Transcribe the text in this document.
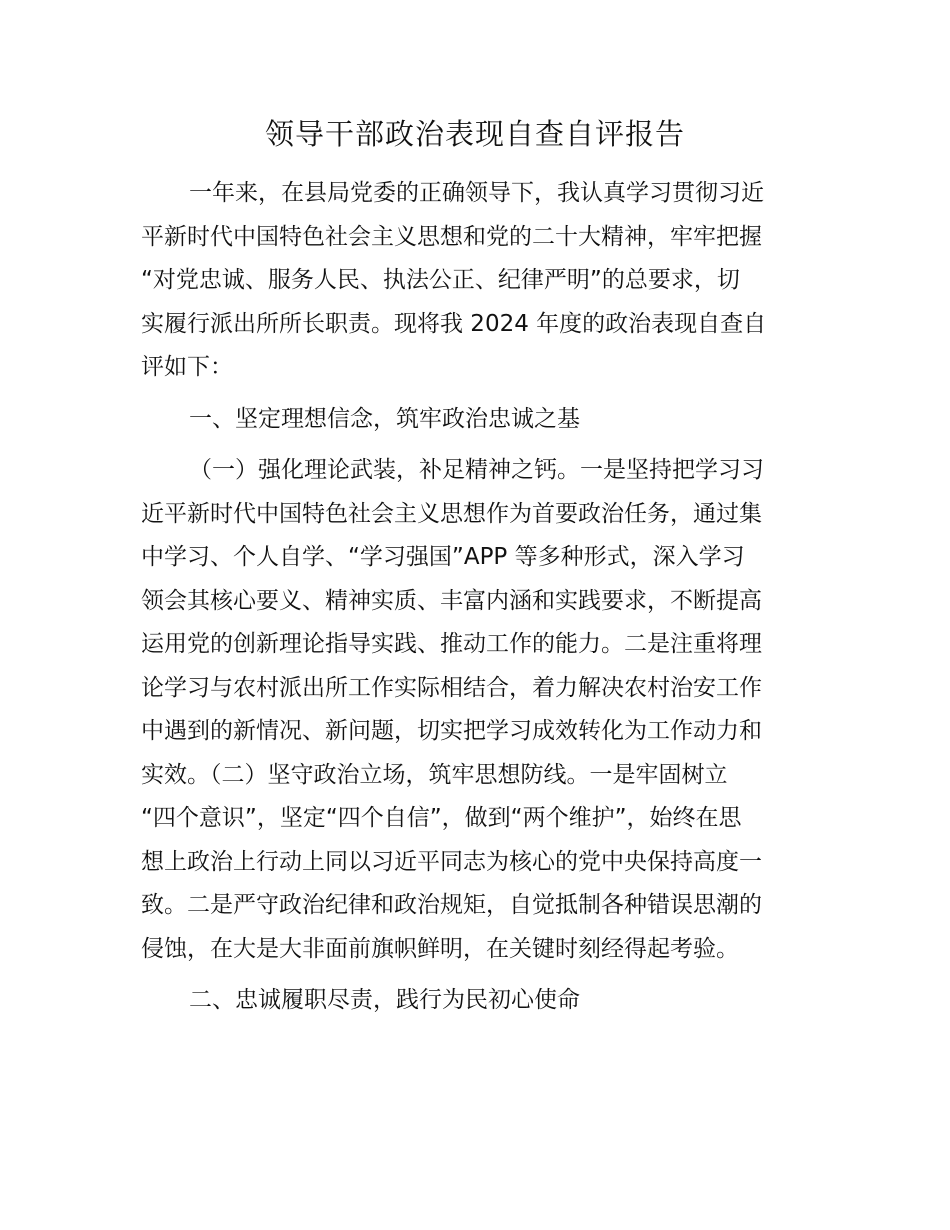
领导干部政治表现自查自评报告
一年来，在县局党委的正确领导下，我认真学习贯彻习近
平新时代中国特色社会主义思想和党的二十大精神，牢牢把握
“对党忠诚、服务人民、执法公正、纪律严明”的总要求，切
实履行派出所所长职责。现将我 2024 年度的政治表现自查自
评如下：
一、坚定理想信念，筑牢政治忠诚之基
（一）强化理论武装，补足精神之钙。一是坚持把学习习
近平新时代中国特色社会主义思想作为首要政治任务，通过集
中学习、个人自学、“学习强国”APP 等多种形式，深入学习
领会其核心要义、精神实质、丰富内涵和实践要求，不断提高
运用党的创新理论指导实践、推动工作的能力。二是注重将理
论学习与农村派出所工作实际相结合，着力解决农村治安工作
中遇到的新情况、新问题，切实把学习成效转化为工作动力和
实效。（二）坚守政治立场，筑牢思想防线。一是牢固树立
“四个意识”，坚定“四个自信”，做到“两个维护”，始终在思
想上政治上行动上同以习近平同志为核心的党中央保持高度一
致。二是严守政治纪律和政治规矩，自觉抵制各种错误思潮的
侵蚀，在大是大非面前旗帜鲜明，在关键时刻经得起考验。
二、忠诚履职尽责，践行为民初心使命
